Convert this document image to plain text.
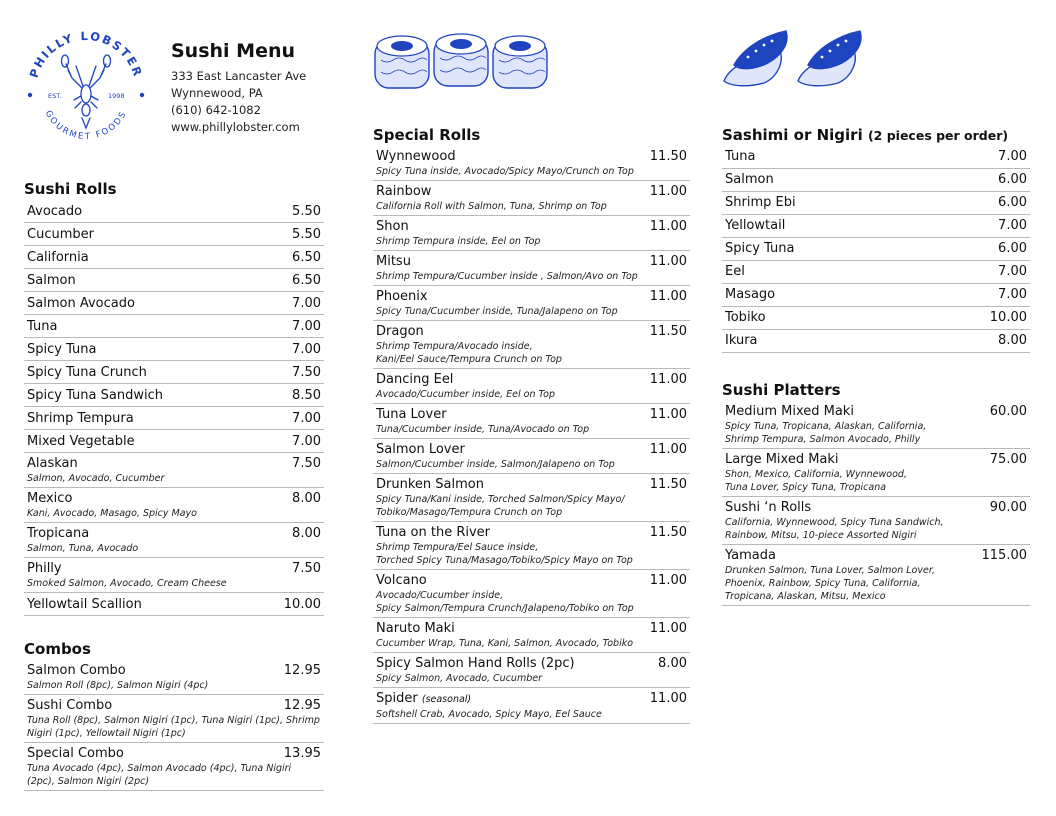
PHILLY LOBSTER
GOURMET FOODS
EST.	1998
Sushi Menu
333 East Lancaster Ave
Wynnewood, PA
(610) 642-1082
www.phillylobster.com
Sushi Rolls
Avocado	5.50
Cucumber	5.50
California	6.50
Salmon	6.50
Salmon Avocado	7.00
Tuna	7.00
Spicy Tuna	7.00
Spicy Tuna Crunch	7.50
Spicy Tuna Sandwich	8.50
Shrimp Tempura	7.00
Mixed Vegetable	7.00
Alaskan	7.50
Salmon, Avocado, Cucumber
Mexico	8.00
Kani, Avocado, Masago, Spicy Mayo
Tropicana	8.00
Salmon, Tuna, Avocado
Philly	7.50
Smoked Salmon, Avocado, Cream Cheese
Yellowtail Scallion	10.00
Combos
Salmon Combo	12.95
Salmon Roll (8pc), Salmon Nigiri (4pc)
Sushi Combo	12.95
Tuna Roll (8pc), Salmon Nigiri (1pc), Tuna Nigiri (1pc), Shrimp Nigiri (1pc), Yellowtail Nigiri (1pc)
Special Combo	13.95
Tuna Avocado (4pc), Salmon Avocado (4pc), Tuna Nigiri (2pc), Salmon Nigiri (2pc)
Special Rolls
Wynnewood	11.50
Spicy Tuna inside, Avocado/Spicy Mayo/Crunch on Top
Rainbow	11.00
California Roll with Salmon, Tuna, Shrimp on Top
Shon	11.00
Shrimp Tempura inside, Eel on Top
Mitsu	11.00
Shrimp Tempura/Cucumber inside , Salmon/Avo on Top
Phoenix	11.00
Spicy Tuna/Cucumber inside, Tuna/Jalapeno on Top
Dragon	11.50
Shrimp Tempura/Avocado inside,
Kani/Eel Sauce/Tempura Crunch on Top
Dancing Eel	11.00
Avocado/Cucumber inside, Eel on Top
Tuna Lover	11.00
Tuna/Cucumber inside, Tuna/Avocado on Top
Salmon Lover	11.00
Salmon/Cucumber inside, Salmon/Jalapeno on Top
Drunken Salmon	11.50
Spicy Tuna/Kani inside, Torched Salmon/Spicy Mayo/
Tobiko/Masago/Tempura Crunch on Top
Tuna on the River	11.50
Shrimp Tempura/Eel Sauce inside,
Torched Spicy Tuna/Masago/Tobiko/Spicy Mayo on Top
Volcano	11.00
Avocado/Cucumber inside,
Spicy Salmon/Tempura Crunch/Jalapeno/Tobiko on Top
Naruto Maki	11.00
Cucumber Wrap, Tuna, Kani, Salmon, Avocado, Tobiko
Spicy Salmon Hand Rolls (2pc)	8.00
Spicy Salmon, Avocado, Cucumber
Spider (seasonal)	11.00
Softshell Crab, Avocado, Spicy Mayo, Eel Sauce
Sashimi or Nigiri (2 pieces per order)
Tuna	7.00
Salmon	6.00
Shrimp Ebi	6.00
Yellowtail	7.00
Spicy Tuna	6.00
Eel	7.00
Masago	7.00
Tobiko	10.00
Ikura	8.00
Sushi Platters
Medium Mixed Maki	60.00
Spicy Tuna, Tropicana, Alaskan, California,
Shrimp Tempura, Salmon Avocado, Philly
Large Mixed Maki	75.00
Shon, Mexico, California, Wynnewood,
Tuna Lover, Spicy Tuna, Tropicana
Sushi ‘n Rolls	90.00
California, Wynnewood, Spicy Tuna Sandwich,
Rainbow, Mitsu, 10-piece Assorted Nigiri
Yamada	115.00
Drunken Salmon, Tuna Lover, Salmon Lover,
Phoenix, Rainbow, Spicy Tuna, California,
Tropicana, Alaskan, Mitsu, Mexico
